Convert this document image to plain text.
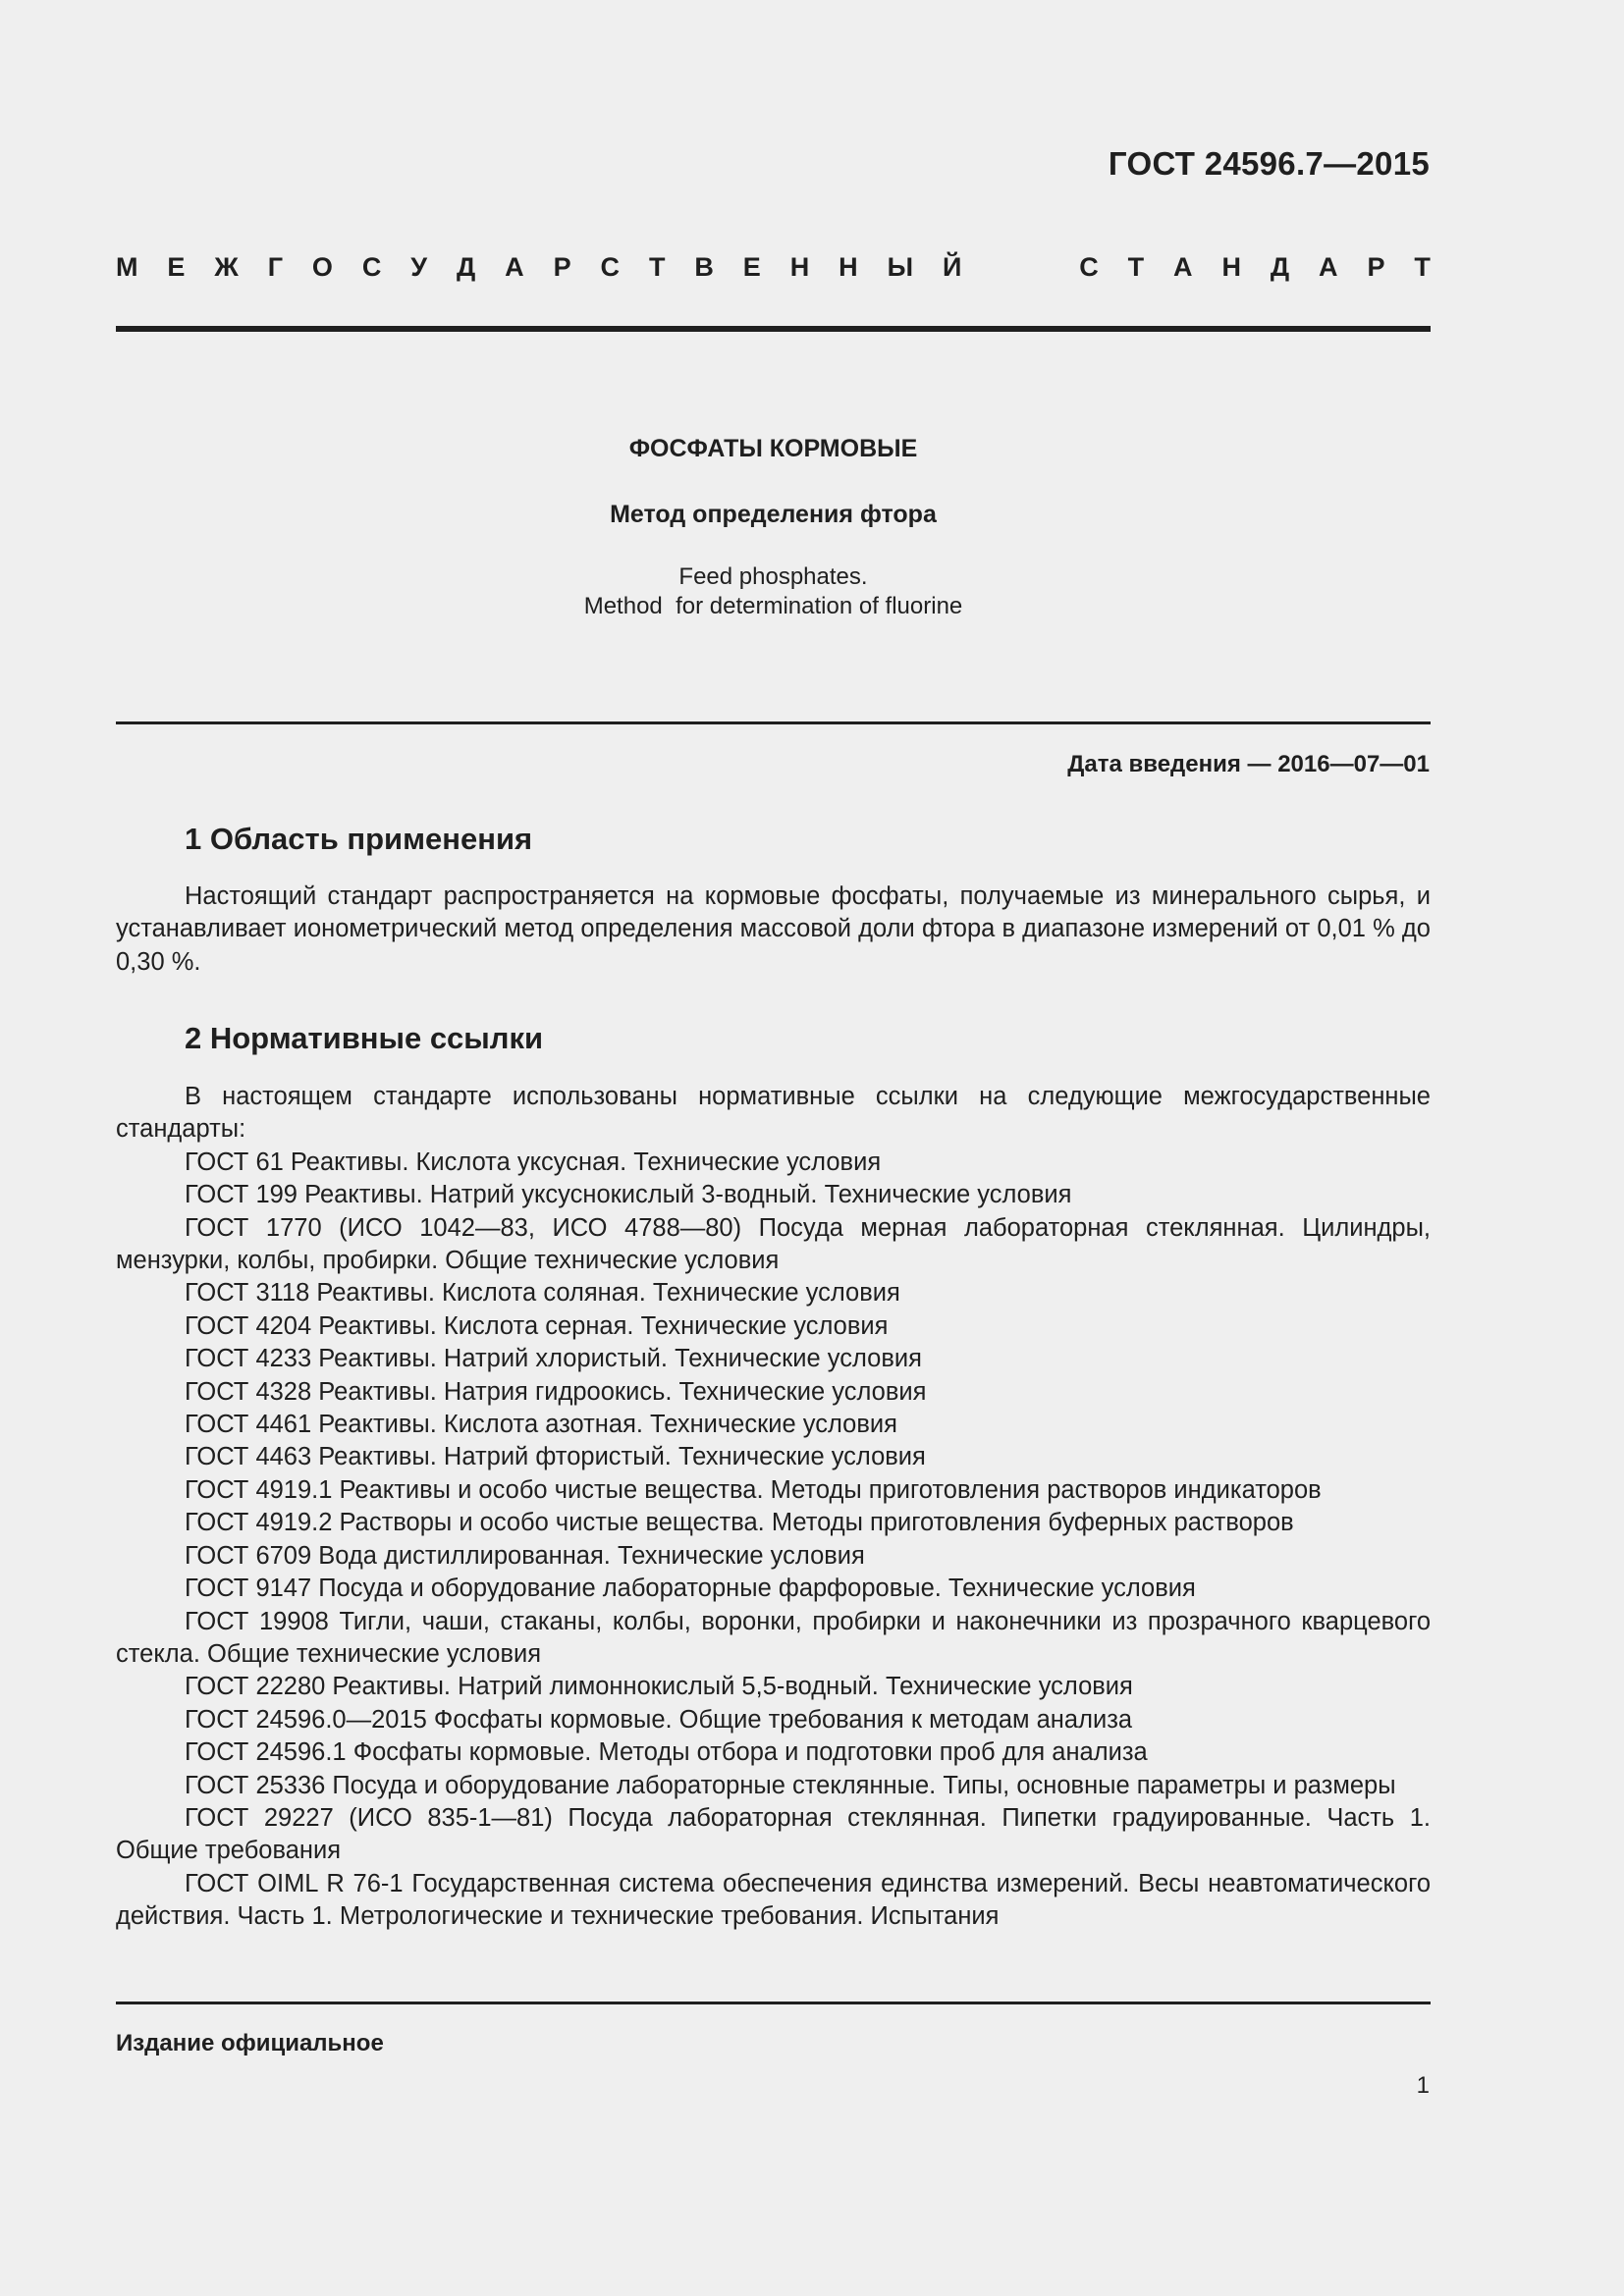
ГОСТ 24596.7—2015
М Е Ж Г О С У Д А Р С Т В Е Н Н Ы Й	С Т А Н Д А Р Т
ФОСФАТЫ КОРМОВЫЕ
Метод определения фтора
Feed phosphates.
Method  for determination of fluorine
Дата введения — 2016—07—01
1 Область применения

Настоящий стандарт распространяется на кормовые фосфаты, получаемые из минерального сырья, и устанавливает ионометрический метод определения массовой доли фтора в диапазоне измерений от 0,01 % до 0,30 %.

2 Нормативные ссылки

В настоящем стандарте использованы нормативные ссылки на следующие межгосударственные стандарты:

ГОСТ 61 Реактивы. Кислота уксусная. Технические условия

ГОСТ 199 Реактивы. Натрий уксуснокислый 3-водный. Технические условия

ГОСТ 1770 (ИСО 1042—83, ИСО 4788—80) Посуда мерная лабораторная стеклянная. Цилиндры, мензурки, колбы, пробирки. Общие технические условия

ГОСТ 3118 Реактивы. Кислота соляная. Технические условия

ГОСТ 4204 Реактивы. Кислота серная. Технические условия

ГОСТ 4233 Реактивы. Натрий хлористый. Технические условия

ГОСТ 4328 Реактивы. Натрия гидроокись. Технические условия

ГОСТ 4461 Реактивы. Кислота азотная. Технические условия

ГОСТ 4463 Реактивы. Натрий фтористый. Технические условия

ГОСТ 4919.1 Реактивы и особо чистые вещества. Методы приготовления растворов индикаторов

ГОСТ 4919.2 Растворы и особо чистые вещества. Методы приготовления буферных растворов

ГОСТ 6709 Вода дистиллированная. Технические условия

ГОСТ 9147 Посуда и оборудование лабораторные фарфоровые. Технические условия

ГОСТ 19908 Тигли, чаши, стаканы, колбы, воронки, пробирки и наконечники из прозрачного кварцевого стекла. Общие технические условия

ГОСТ 22280 Реактивы. Натрий лимоннокислый 5,5-водный. Технические условия

ГОСТ 24596.0—2015 Фосфаты кормовые. Общие требования к методам анализа

ГОСТ 24596.1 Фосфаты кормовые. Методы отбора и подготовки проб для анализа

ГОСТ 25336 Посуда и оборудование лабораторные стеклянные. Типы, основные параметры и размеры

ГОСТ 29227 (ИСО 835-1—81) Посуда лабораторная стеклянная. Пипетки градуированные. Часть 1. Общие требования

ГОСТ OIML R 76-1 Государственная система обеспечения единства измерений. Весы неавтоматического действия. Часть 1. Метрологические и технические требования. Испытания

Издание официальное
1
